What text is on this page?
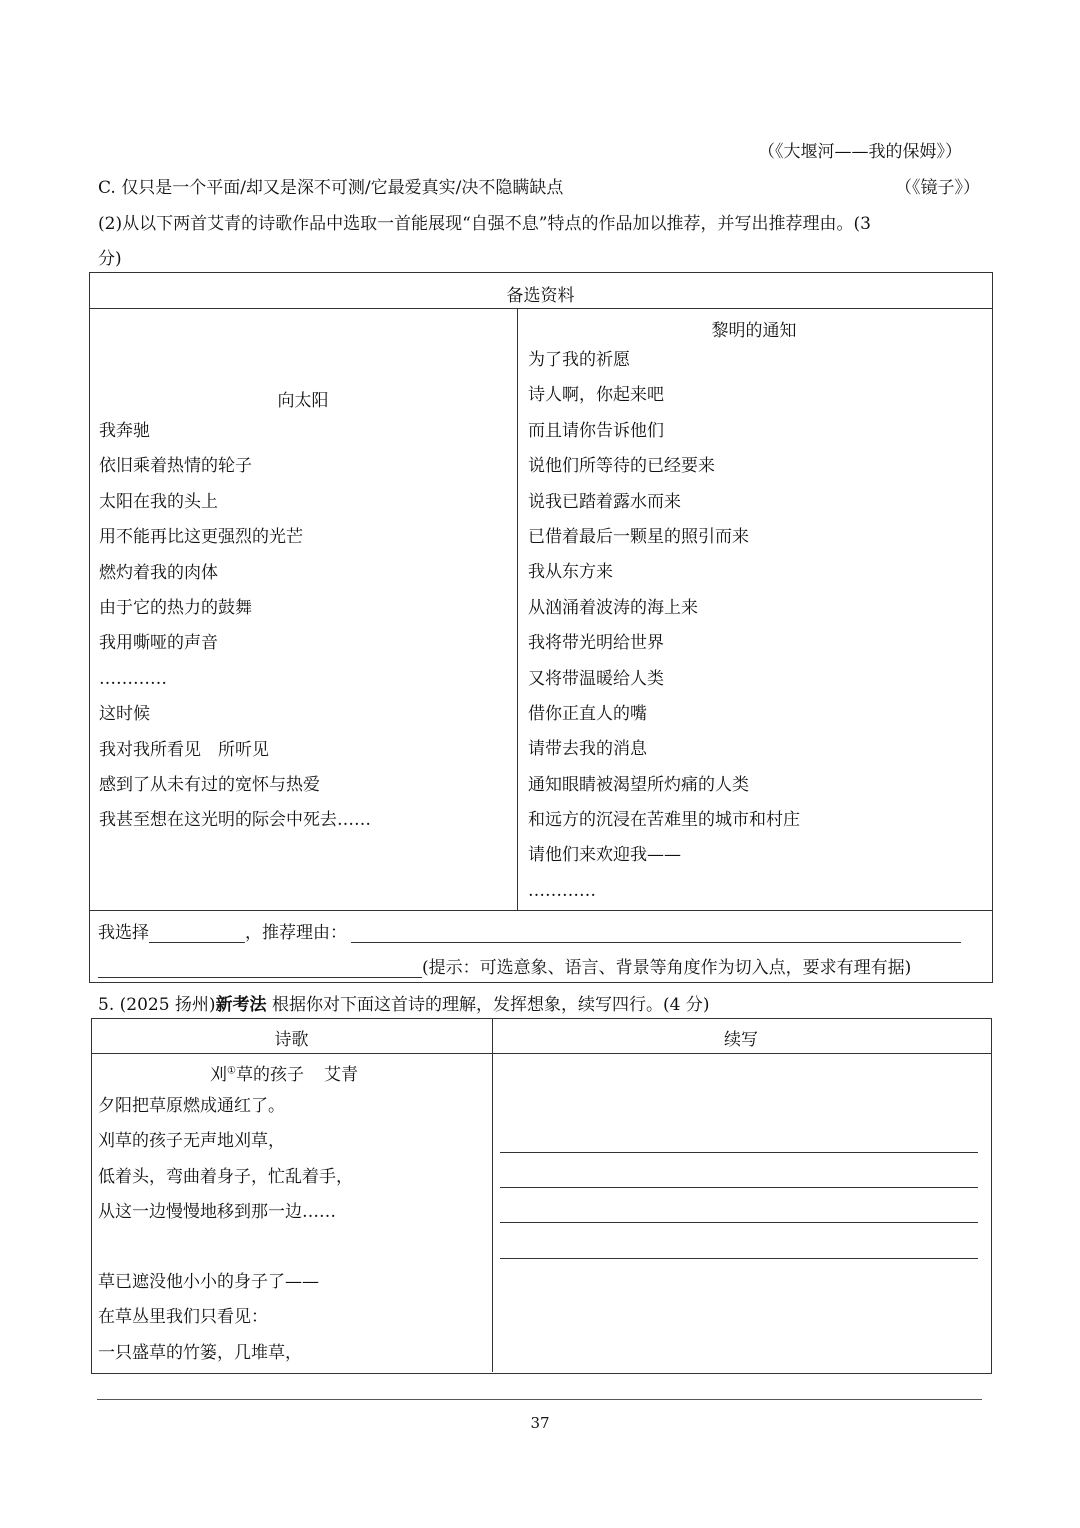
（《大堰河——我的保姆》）
C. 仅只是一个平面/却又是深不可测/它最爱真实/决不隐瞒缺点	（《镜子》）
(2)从以下两首艾青的诗歌作品中选取一首能展现“自强不息”特点的作品加以推荐，并写出推荐理由。(3
分)
备选资料
向太阳
我奔驰
依旧乘着热情的轮子
太阳在我的头上
用不能再比这更强烈的光芒
燃灼着我的肉体
由于它的热力的鼓舞
我用嘶哑的声音
…………
这时候
我对我所看见　所听见
感到了从未有过的宽怀与热爱
我甚至想在这光明的际会中死去……
黎明的通知
为了我的祈愿
诗人啊，你起来吧
而且请你告诉他们
说他们所等待的已经要来
说我已踏着露水而来
已借着最后一颗星的照引而来
我从东方来
从汹涌着波涛的海上来
我将带光明给世界
又将带温暖给人类
借你正直人的嘴
请带去我的消息
通知眼睛被渴望所灼痛的人类
和远方的沉浸在苦难里的城市和村庄
请他们来欢迎我——
…………
我选择	，推荐理由：
(提示：可选意象、语言、背景等角度作为切入点，要求有理有据)
5. (2025 扬州)新考法 根据你对下面这首诗的理解，发挥想象，续写四行。(4 分)
诗歌	续写
刈①草的孩子 艾青
夕阳把草原燃成通红了。
刈草的孩子无声地刈草，
低着头，弯曲着身子，忙乱着手，
从这一边慢慢地移到那一边……
草已遮没他小小的身子了——
在草丛里我们只看见：
一只盛草的竹篓，几堆草，
37
